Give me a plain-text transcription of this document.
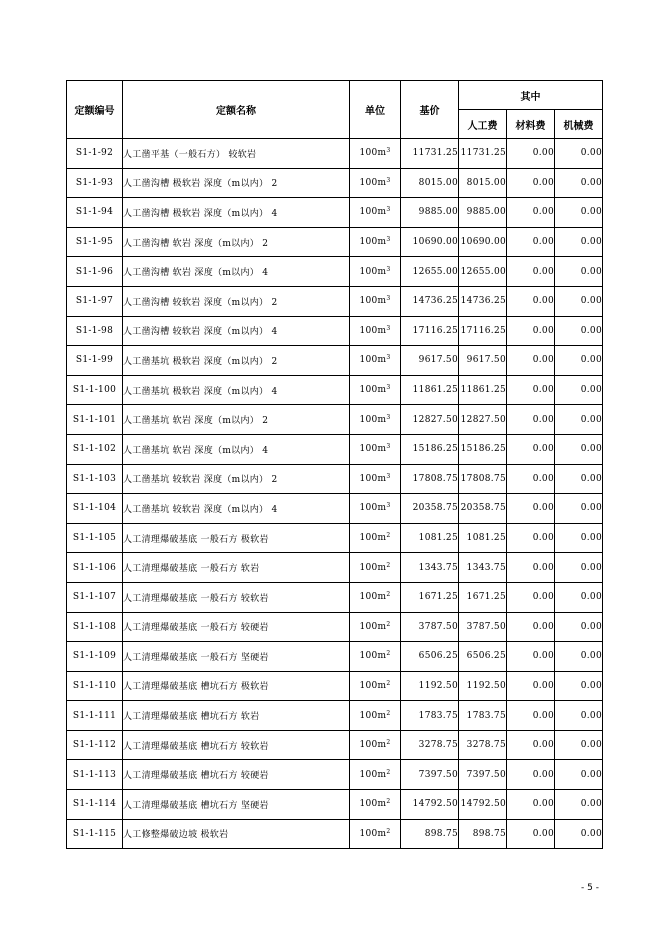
定额编号	定额名称	单位	基价	其中		
				人工费	材料费	机械费
S1-1-92	人工凿平基（一般石方） 较软岩	$100m^3$	11731.25	11731.25	0.00	0.00
S1-1-93	人工凿沟槽 极软岩 深度（m以内） 2	$100m^3$	8015.00	8015.00	0.00	0.00
S1-1-94	人工凿沟槽 极软岩 深度（m以内） 4	$100m^3$	9885.00	9885.00	0.00	0.00
S1-1-95	人工凿沟槽 软岩 深度（m以内） 2	$100m^3$	10690.00	10690.00	0.00	0.00
S1-1-96	人工凿沟槽 软岩 深度（m以内） 4	$100m^3$	12655.00	12655.00	0.00	0.00
S1-1-97	人工凿沟槽 较软岩 深度（m以内） 2	$100m^3$	14736.25	14736.25	0.00	0.00
S1-1-98	人工凿沟槽 较软岩 深度（m以内） 4	$100m^3$	17116.25	17116.25	0.00	0.00
S1-1-99	人工凿基坑 极软岩 深度（m以内） 2	$100m^3$	9617.50	9617.50	0.00	0.00
S1-1-100	人工凿基坑 极软岩 深度（m以内） 4	$100m^3$	11861.25	11861.25	0.00	0.00
S1-1-101	人工凿基坑 软岩 深度（m以内） 2	$100m^3$	12827.50	12827.50	0.00	0.00
S1-1-102	人工凿基坑 软岩 深度（m以内） 4	$100m^3$	15186.25	15186.25	0.00	0.00
S1-1-103	人工凿基坑 较软岩 深度（m以内） 2	$100m^3$	17808.75	17808.75	0.00	0.00
S1-1-104	人工凿基坑 较软岩 深度（m以内） 4	$100m^3$	20358.75	20358.75	0.00	0.00
S1-1-105	人工清理爆破基底 一般石方 极软岩	$100m^2$	1081.25	1081.25	0.00	0.00
S1-1-106	人工清理爆破基底 一般石方 软岩	$100m^2$	1343.75	1343.75	0.00	0.00
S1-1-107	人工清理爆破基底 一般石方 较软岩	$100m^2$	1671.25	1671.25	0.00	0.00
S1-1-108	人工清理爆破基底 一般石方 较硬岩	$100m^2$	3787.50	3787.50	0.00	0.00
S1-1-109	人工清理爆破基底 一般石方 坚硬岩	$100m^2$	6506.25	6506.25	0.00	0.00
S1-1-110	人工清理爆破基底 槽坑石方 极软岩	$100m^2$	1192.50	1192.50	0.00	0.00
S1-1-111	人工清理爆破基底 槽坑石方 软岩	$100m^2$	1783.75	1783.75	0.00	0.00
S1-1-112	人工清理爆破基底 槽坑石方 较软岩	$100m^2$	3278.75	3278.75	0.00	0.00
S1-1-113	人工清理爆破基底 槽坑石方 较硬岩	$100m^2$	7397.50	7397.50	0.00	0.00
S1-1-114	人工清理爆破基底 槽坑石方 坚硬岩	$100m^2$	14792.50	14792.50	0.00	0.00
S1-1-115	人工修整爆破边坡 极软岩	$100m^2$	898.75	898.75	0.00	0.00
- 5 -
